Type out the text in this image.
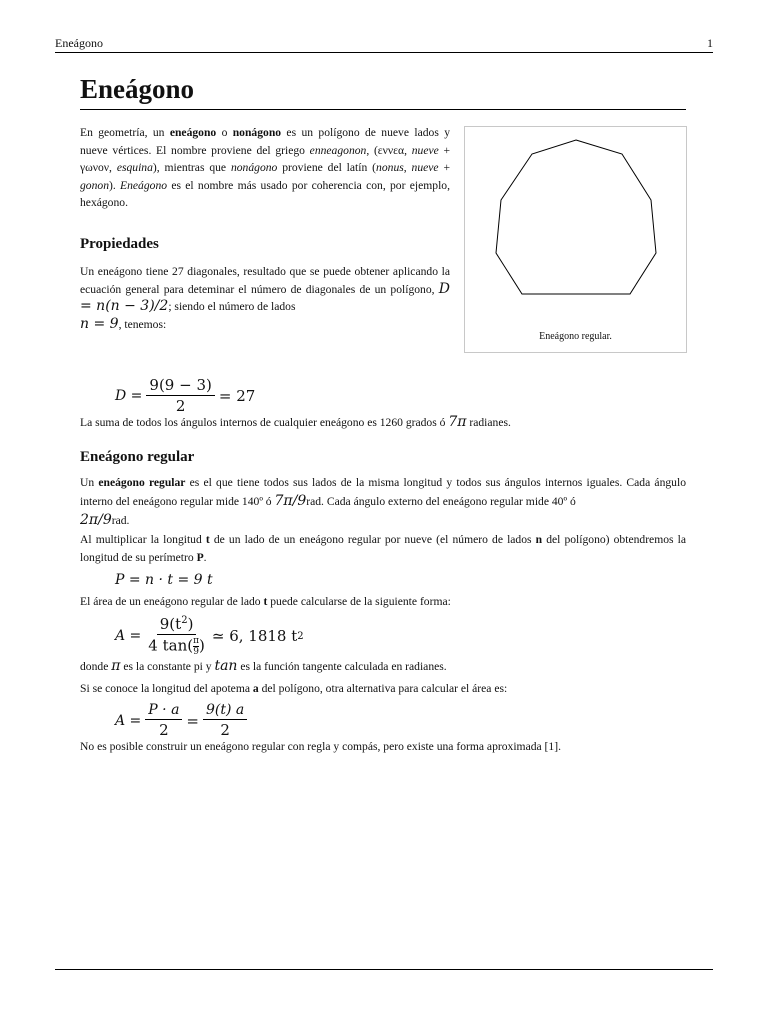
Eneágono	1
Eneágono

En geometría, un eneágono o nonágono es un polígono de nueve lados y nueve vértices. El nombre proviene del griego enneagonon, (εννεα, nueve + γωνον, esquina), mientras que nonágono proviene del latín (nonus, nueve + gonon). Eneágono es el nombre más usado por coherencia con, por ejemplo, hexágono.

Eneágono regular.
Propiedades

Un eneágono tiene 27 diagonales, resultado que se puede obtener aplicando la ecuación general para deteminar el número de diagonales de un polígono, D = n(n − 3)/2; siendo el número de lados
n = 9, tenemos:

$D = \frac{9(9 - 3)}{2} = 27$

La suma de todos los ángulos internos de cualquier eneágono es 1260 grados ó 7π radianes.

Eneágono regular

Un eneágono regular es el que tiene todos sus lados de la misma longitud y todos sus ángulos internos iguales. Cada ángulo interno del eneágono regular mide 140º ó 7π/9rad. Cada ángulo externo del eneágono regular mide 40º ó
2π/9rad.

Al multiplicar la longitud t de un lado de un eneágono regular por nueve (el número de lados n del polígono) obtendremos la longitud de su perímetro P.

P = n · t = 9 t

El área de un eneágono regular de lado t puede calcularse de la siguiente forma:

$A = \frac{9(t^2)}{4 \tan( \frac{\pi}{9} )}$ ≃ 6, 1818 t 2

donde π es la constante pi y tan es la función tangente calculada en radianes.

Si se conoce la longitud del apotema a del polígono, otra alternativa para calcular el área es:

$A = \frac{P \cdot a}{2} = \frac{9(t) a}{2}$

No es posible construir un eneágono regular con regla y compás, pero existe una forma aproximada [1].
